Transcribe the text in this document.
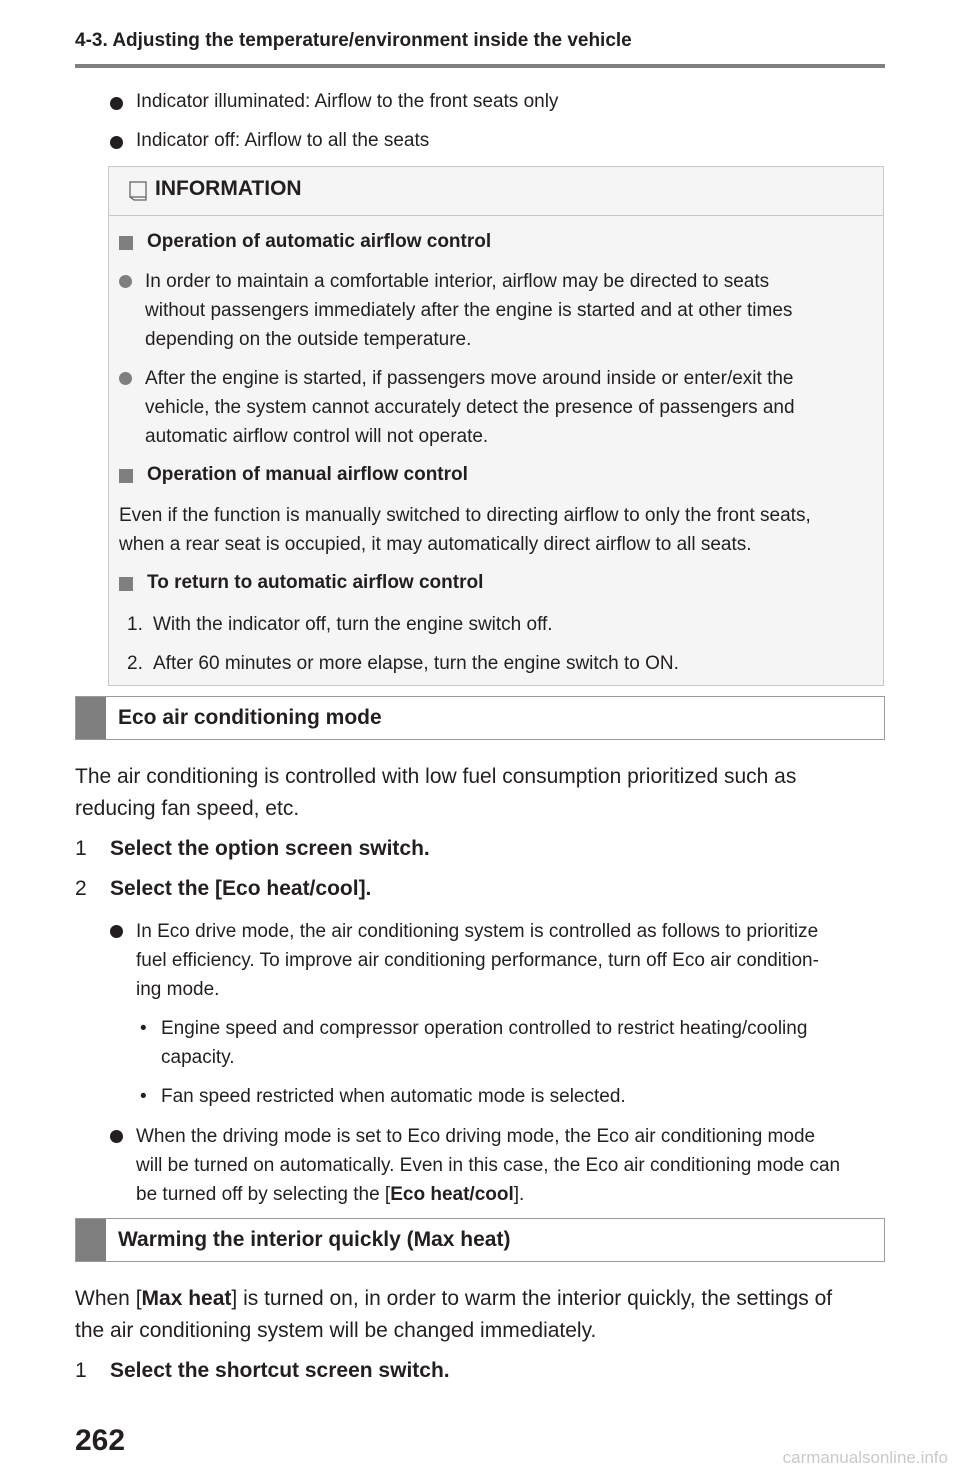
4-3. Adjusting the temperature/environment inside the vehicle
Indicator illuminated: Airflow to the front seats only
Indicator off: Airflow to all the seats
INFORMATION
Operation of automatic airflow control
In order to maintain a comfortable interior, airflow may be directed to seats
without passengers immediately after the engine is started and at other times
depending on the outside temperature.
After the engine is started, if passengers move around inside or enter/exit the
vehicle, the system cannot accurately detect the presence of passengers and
automatic airflow control will not operate.
Operation of manual airflow control
Even if the function is manually switched to directing airflow to only the front seats,
when a rear seat is occupied, it may automatically direct airflow to all seats.
To return to automatic airflow control
1. With the indicator off, turn the engine switch off.
2. After 60 minutes or more elapse, turn the engine switch to ON.
Eco air conditioning mode
The air conditioning is controlled with low fuel consumption prioritized such as
reducing fan speed, etc.
1 Select the option screen switch.
2 Select the [Eco heat/cool].
In Eco drive mode, the air conditioning system is controlled as follows to prioritize
fuel efficiency. To improve air conditioning performance, turn off Eco air condition-
ing mode.
• Engine speed and compressor operation controlled to restrict heating/cooling
capacity.
• Fan speed restricted when automatic mode is selected.
When the driving mode is set to Eco driving mode, the Eco air conditioning mode
will be turned on automatically. Even in this case, the Eco air conditioning mode can
be turned off by selecting the [Eco heat/cool].
Warming the interior quickly (Max heat)
When [Max heat] is turned on, in order to warm the interior quickly, the settings of
the air conditioning system will be changed immediately.
1 Select the shortcut screen switch.
262
carmanualsonline.info
